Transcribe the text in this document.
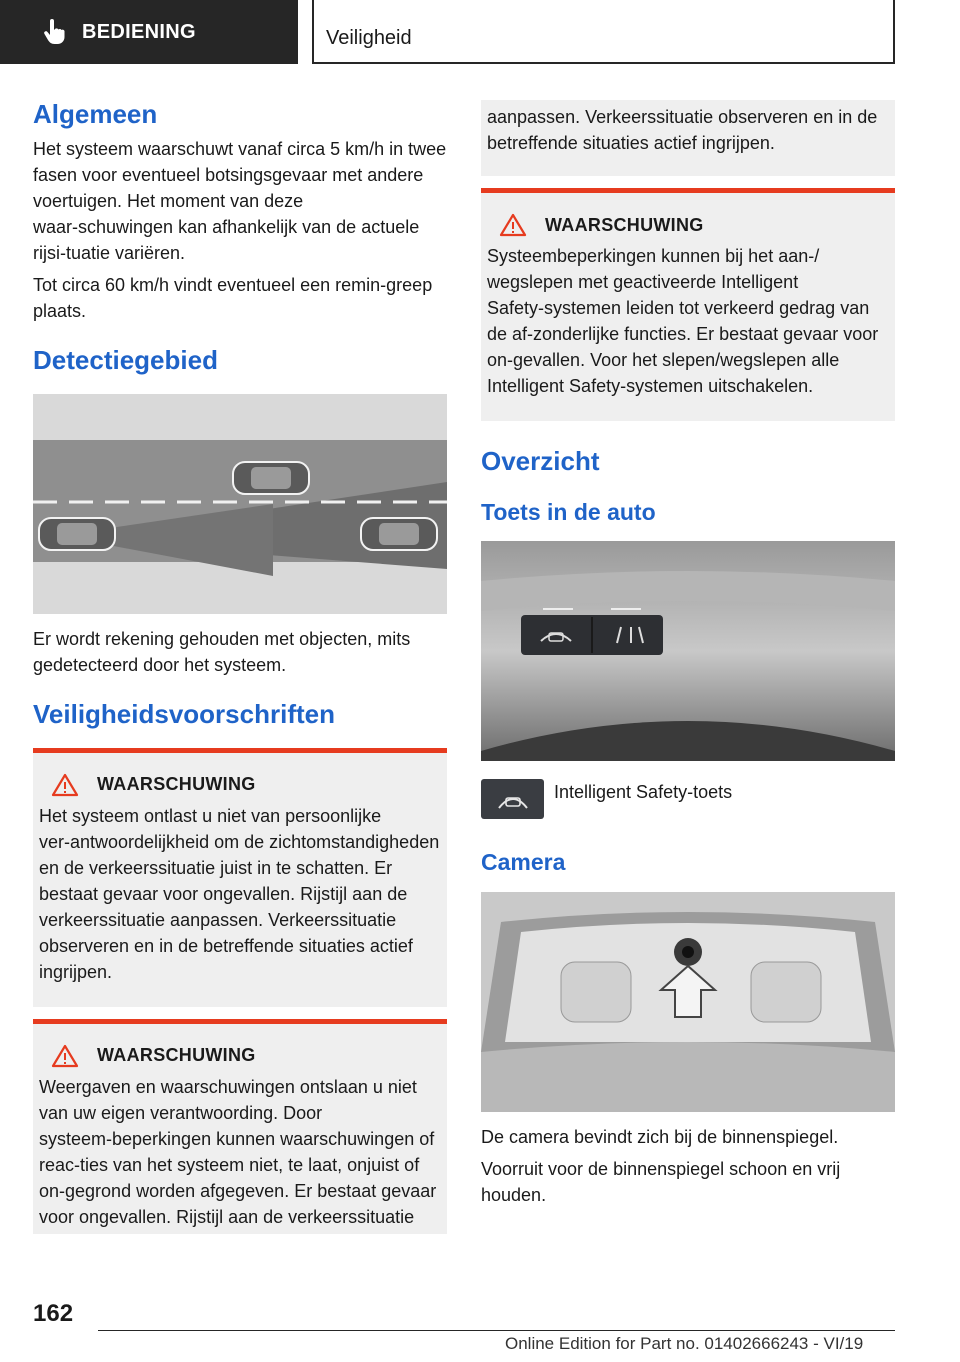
BEDIENING	Veiligheid
Algemeen

Het systeem waarschuwt vanaf circa 5 km/h in twee fasen voor eventueel botsingsgevaar met andere voertuigen. Het moment van deze waar‑schuwingen kan afhankelijk van de actuele rijsi‑tuatie variëren.

Tot circa 60 km/h vindt eventueel een remin‑greep plaats.

Detectiegebied

Er wordt rekening gehouden met objecten, mits gedetecteerd door het systeem.

Veiligheidsvoorschriften
WAARSCHUWING

Het systeem ontlast u niet van persoonlijke ver‑antwoordelijkheid om de zichtomstandigheden en de verkeerssituatie juist in te schatten. Er bestaat gevaar voor ongevallen. Rijstijl aan de verkeerssituatie aanpassen. Verkeerssituatie observeren en in de betreffende situaties actief ingrijpen.

WAARSCHUWING

Weergaven en waarschuwingen ontslaan u niet van uw eigen verantwoording. Door systeem‑beperkingen kunnen waarschuwingen of reac‑ties van het systeem niet, te laat, onjuist of on‑gegrond worden afgegeven. Er bestaat gevaar voor ongevallen. Rijstijl aan de verkeerssituatie

aanpassen. Verkeerssituatie observeren en in de betreffende situaties actief ingrijpen.

WAARSCHUWING

Systeembeperkingen kunnen bij het aan‑/ wegslepen met geactiveerde Intelligent Safety‑systemen leiden tot verkeerd gedrag van de af‑zonderlijke functies. Er bestaat gevaar voor on‑gevallen. Voor het slepen/wegslepen alle Intelligent Safety‑systemen uitschakelen.

Overzicht
Toets in de auto

Intelligent Safety‑toets

Camera

De camera bevindt zich bij de binnenspiegel.

Voorruit voor de binnenspiegel schoon en vrij houden.

162
Online Edition for Part no. 01402666243 - VI/19
